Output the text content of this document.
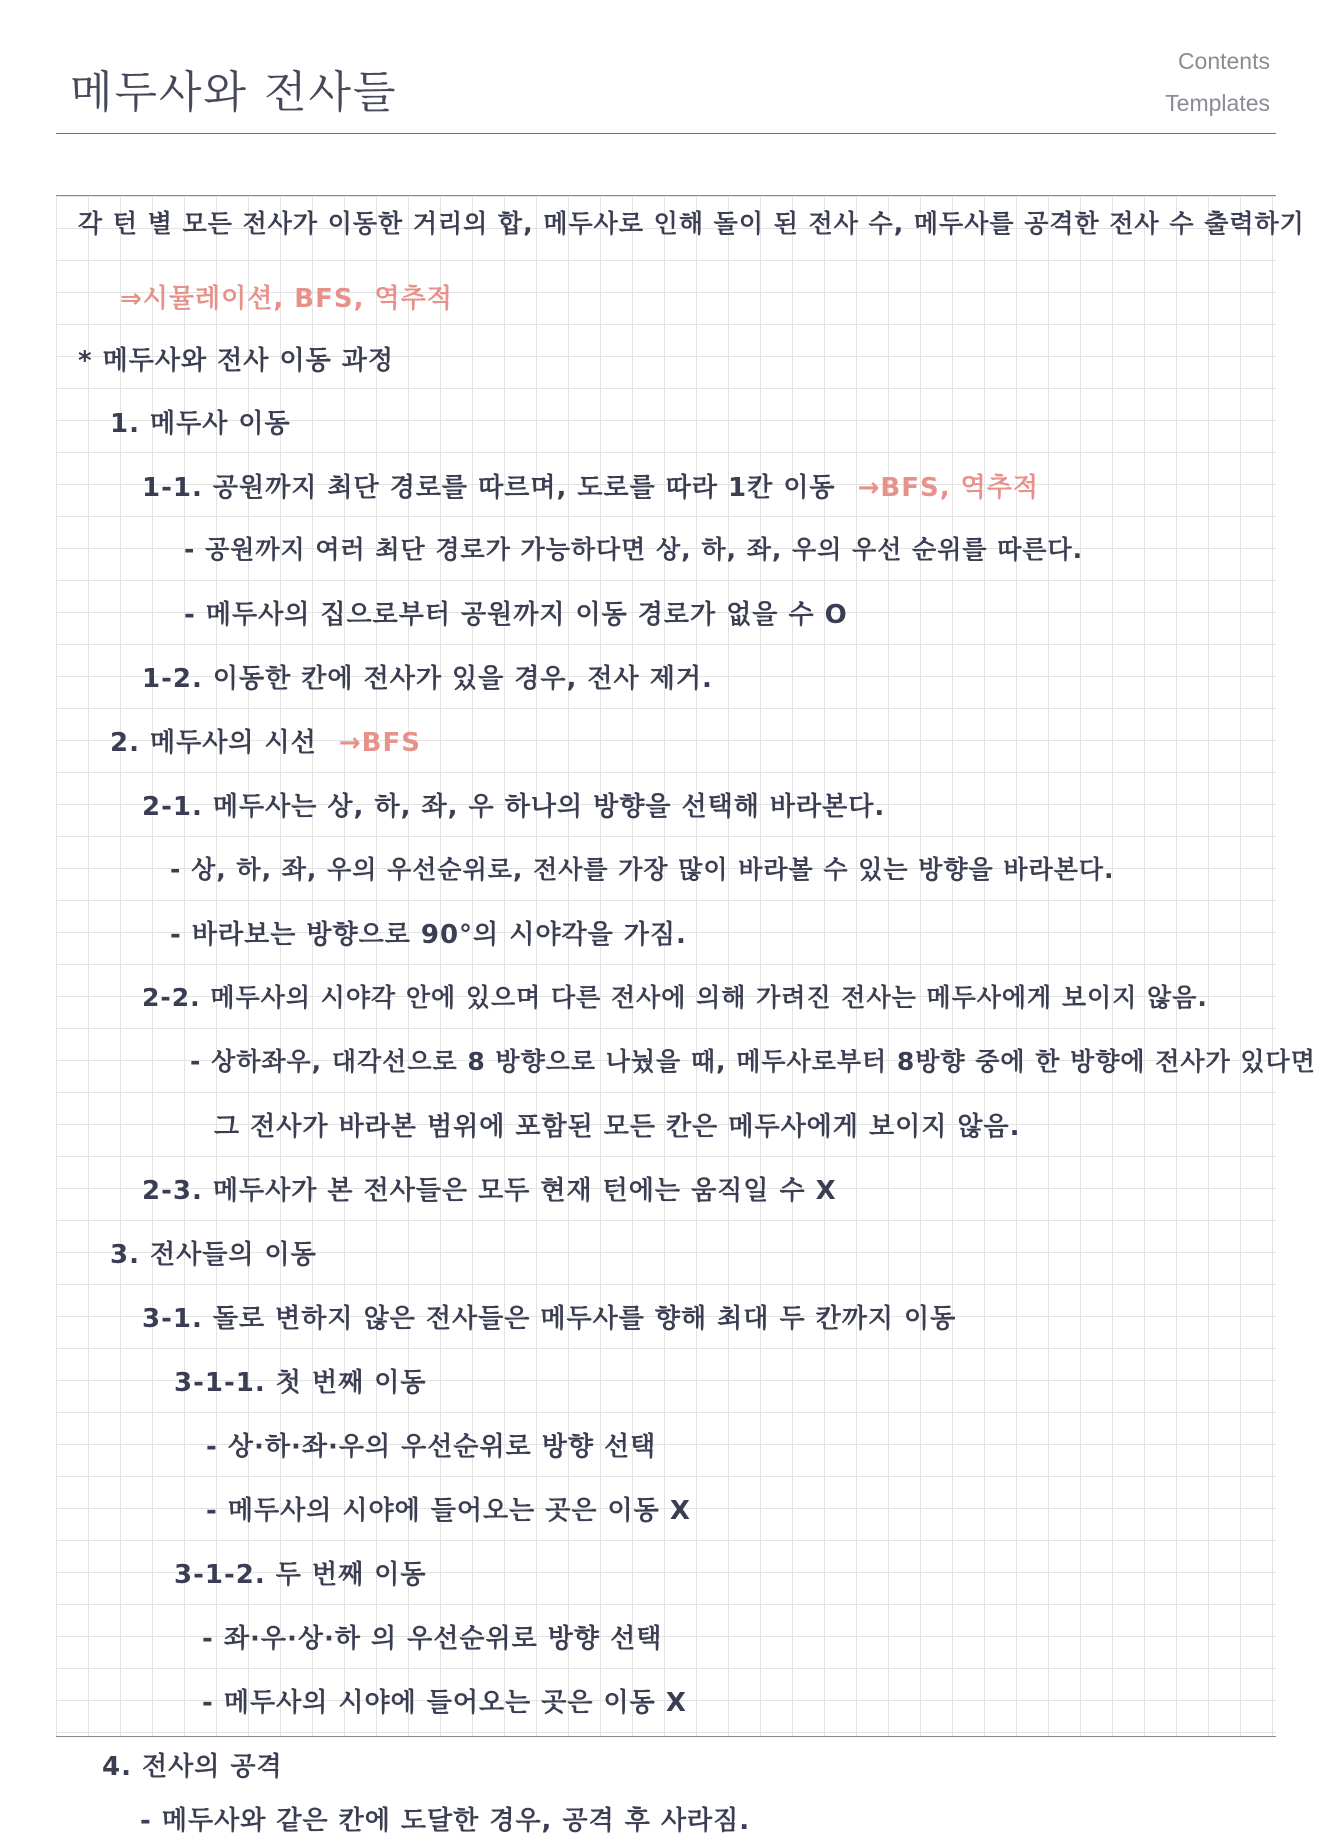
메두사와 전사들
Contents
Templates
각 턴 별 모든 전사가 이동한 거리의 합, 메두사로 인해 돌이 된 전사 수, 메두사를 공격한 전사 수 출력하기
⇒시뮬레이션, BFS, 역추적
* 메두사와 전사 이동 과정
1. 메두사 이동
1-1. 공원까지 최단 경로를 따르며, 도로를 따라 1칸 이동 →BFS, 역추적
- 공원까지 여러 최단 경로가 가능하다면 상, 하, 좌, 우의 우선 순위를 따른다.
- 메두사의 집으로부터 공원까지 이동 경로가 없을 수 O
1-2. 이동한 칸에 전사가 있을 경우, 전사 제거.
2. 메두사의 시선 →BFS
2-1. 메두사는 상, 하, 좌, 우 하나의 방향을 선택해 바라본다.
- 상, 하, 좌, 우의 우선순위로, 전사를 가장 많이 바라볼 수 있는 방향을 바라본다.
- 바라보는 방향으로 90°의 시야각을 가짐.
2-2. 메두사의 시야각 안에 있으며 다른 전사에 의해 가려진 전사는 메두사에게 보이지 않음.
- 상하좌우, 대각선으로 8 방향으로 나눴을 때, 메두사로부터 8방향 중에 한 방향에 전사가 있다면
그 전사가 바라본 범위에 포함된 모든 칸은 메두사에게 보이지 않음.
2-3. 메두사가 본 전사들은 모두 현재 턴에는 움직일 수 X
3. 전사들의 이동
3-1. 돌로 변하지 않은 전사들은 메두사를 향해 최대 두 칸까지 이동
3-1-1. 첫 번째 이동
- 상·하·좌·우의 우선순위로 방향 선택
- 메두사의 시야에 들어오는 곳은 이동 X
3-1-2. 두 번째 이동
- 좌·우·상·하 의 우선순위로 방향 선택
- 메두사의 시야에 들어오는 곳은 이동 X
4. 전사의 공격
- 메두사와 같은 칸에 도달한 경우, 공격 후 사라짐.
